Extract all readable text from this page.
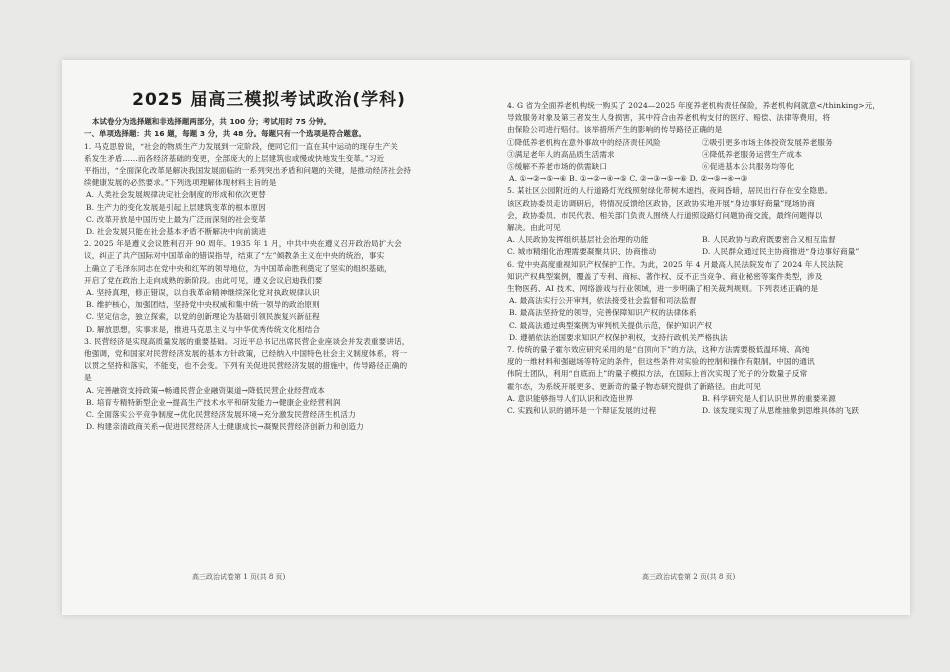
2025 届高三模拟考试政治(学科)

本试卷分为选择题和非选择题两部分，共 100 分；考试用时 75 分钟。

一、单项选择题：共 16 题，每题 3 分，共 48 分。每题只有一个选项是符合题意。

1. 马克思曾说，“社会的物质生产力发展到一定阶段，便同它们一直在其中运动的现存生产关

系发生矛盾……而各经济基础的变更，全部庞大的上层建筑也或慢或快地发生变革。”习近

平指出，“全面深化改革是解决我国发展面临的一系列突出矛盾和问题的关键，是推动经济社会持

续健康发展的必然要求。”下列选项理解体现材料主旨的是

A. 人类社会发展规律决定社会制度的形成和依次更替

B. 生产力的变化发展是引起上层建筑变革的根本原因

C. 改革开放是中国历史上最为广泛而深刻的社会变革

D. 社会发展只能在社会基本矛盾不断解决中向前演进

2. 2025 年是遵义会议胜利召开 90 周年。1935 年 1 月，中共中央在遵义召开政治局扩大会

议，纠正了共产国际对中国革命的错误指导，结束了“左”倾教条主义在中央的统治，事实

上确立了毛泽东同志在党中央和红军的领导地位，为中国革命胜利奠定了坚实的组织基础，

开启了党在政治上走向成熟的新阶段。由此可见，遵义会议启迪我们要

A. 坚持真理，修正错误，以自我革命精神继续深化党对执政规律认识

B. 维护核心，加强团结，坚持党中央权威和集中统一领导的政治原则

C. 坚定信念，独立探索，以党的创新理论为基础引领民族复兴新征程

D. 解放思想，实事求是，推进马克思主义与中华优秀传统文化相结合

3. 民营经济是实现高质量发展的重要基础。习近平总书记出席民营企业座谈会并发表重要讲话，

他强调，党和国家对民营经济发展的基本方针政策，已经纳入中国特色社会主义制度体系，将一

以贯之坚持和落实，不能变，也不会变。下列有关促进民营经济发展的措施中，传导路径正确的

是

A. 完善融资支持政策→畅通民营企业融资渠道→降低民营企业经营成本

B. 培育专精特新型企业→提高生产技术水平和研发能力→健康企业经营利润

C. 全面落实公平竞争制度→优化民营经济发展环境→充分激发民营经济生机活力

D. 构建亲清政商关系→促进民营经济人士健康成长→凝聚民营经济创新力和创造力

4. G 省为全面养老机构统一购买了 2024—2025 年度养老机构责任保险，养老机构间就意</thinking>元，

导致服务对象及第三者发生人身损害，其中符合由养老机构支付的医疗、赔偿、法律等费用，将

由保险公司进行赔付。该举措所产生的影响的传导路径正确的是

①降低养老机构在意外事故中的经济责任风险	②吸引更多市场主体投资发展养老服务

③满足老年人的高品质生活需求	④降低养老服务运营生产成本

⑤缓解不养老市场的供需缺口	⑥促进基本公共服务均等化

A. ①→②→⑤→⑥ B. ①→②→④→⑤ C. ②→③→⑤→⑥ D. ②→⑤→④→③

5. 某社区公园附近的人行道路灯光线照射绿化带树木遮挡，夜间昏暗，居民出行存在安全隐患。

该区政协委员走访调研后，将情况反馈给区政协，区政协实地开展“身边事好商量”现场协商

会，政协委员、市民代表、相关部门负责人围绕人行道照设路灯问题协商交流，最终问题得以

解决。由此可见

A. 人民政协发挥组织基层社会治理的功能	B. 人民政协与政府既要密合又相互监督

C. 城市精细化治理需要凝聚共识、协商推动	D. 人民群众通过民主协商推进“身边事好商量”

6. 党中央高度重视知识产权保护工作。为此，2025 年 4 月最高人民法院发布了 2024 年人民法院

知识产权典型案例，覆盖了专利、商标、著作权、反不正当竞争、商业秘密等案件类型，涉及

生物医药、AI 技术、网络游戏与行业领域，进一步明确了相关裁判规则。下列表述正确的是

A. 最高法实行公开审判，依法接受社会监督和司法监督

B. 最高法坚持党的领导，完善保障知识产权的法律体系

C. 最高法通过典型案例为审判机关提供示范，保护知识产权

D. 遵循依法治国要求知识产权保护利权，支持行政机关严格执法

7. 传统的量子霍尔效应研究采用的是“自顶向下”的方法，这种方法需要极低温环境、高纯

度的一维材料和强磁场等特定的条件，但这些条件对实验的控制和操作有限制。中国的通讯

伟院士团队，利用“自底而上”的量子模拟方法，在国际上首次实现了光子的分数量子反常

霍尔态，为系统开展更多、更新奇的量子物态研究提供了新路径。由此可见

A. 意识能够指导人们认识和改造世界	B. 科学研究是人们认识世界的重要来源

C. 实践和认识的循环是一个辩证发展的过程	D. 该发现实现了从思维抽象到思维具体的飞跃

高三政治试卷第 1 页(共 8 页)	高三政治试卷第 2 页(共 8 页)
